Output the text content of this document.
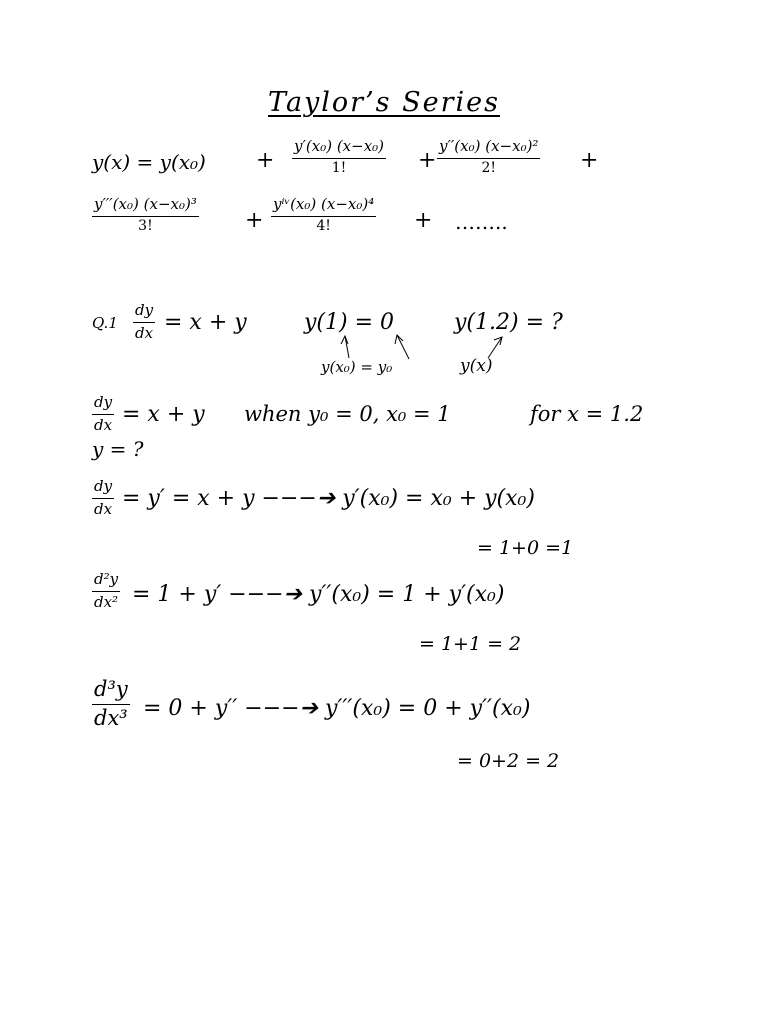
Taylor’s Series
y(x) = y(x₀) +
y′(x₀) (x−x₀)
1!	+
y′′(x₀) (x−x₀)²
2!	+
y′′′(x₀) (x−x₀)³
3!	+
yⁱᵛ(x₀) (x−x₀)⁴
4!	+ ……..
Q.1
dy
dx = x + y	y(1) = 0	y(1.2) = ?
y(x₀) = y₀	y(x)
dy
dx = x + y when y₀ = 0, x₀ = 1	for x = 1.2
y = ?
dy
dx = y′ = x + y −−−➔ y′(x₀) = x₀ + y(x₀)
= 1+0 =1
d²y
dx² = 1 + y′ −−−➔ y′′(x₀) = 1 + y′(x₀)
= 1+1 = 2
d³y
dx³ = 0 + y′′ −−−➔ y′′′(x₀) = 0 + y′′(x₀)
= 0+2 = 2
